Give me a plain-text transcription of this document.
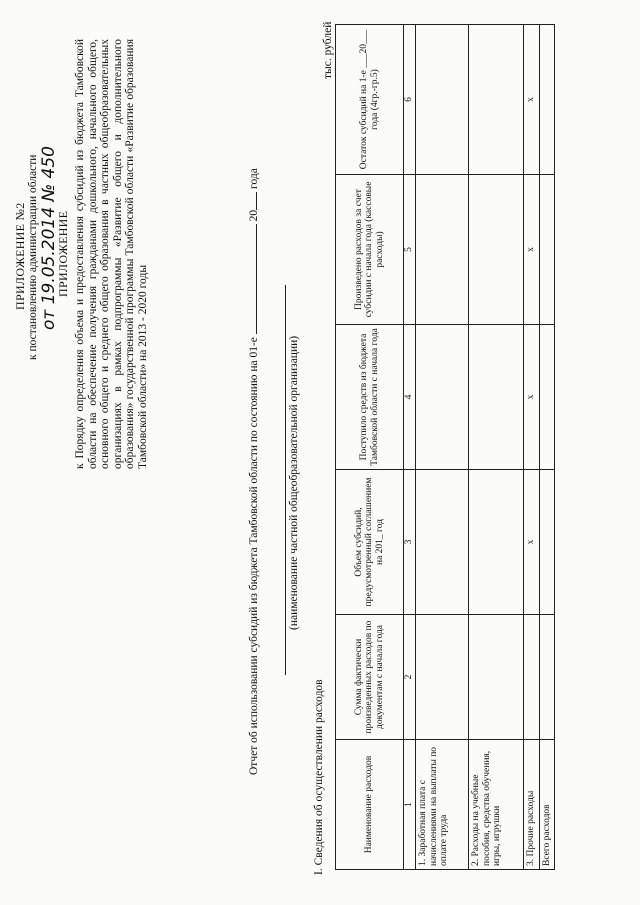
ПРИЛОЖЕНИЕ №2 к постановлению администрации области от 19.05.2014 № 450
ПРИЛОЖЕНИЕ к Порядку определения объема и предоставления субсидий из бюджета Тамбовской области на обеспечение получения гражданами дошкольного, начального общего, основного общего и среднего общего образования в частных общеобразовательных организациях в рамках подпрограммы «Развитие общего и дополнительного образования» государственной программы Тамбовской области «Развитие образования Тамбовской области» на 2013 - 2020 годы	Отчет об использовании субсидий из бюджета Тамбовской области по состоянию на 01-е  20 года
(наименование частной общеобразовательной организации)
I. Сведения об осуществлении расходов
тыс. рублей
Наименование расходов	Сумма фактически произведенных расходов по документам с начала года	Объем субсидий, предусмотренный соглашением на 201_ год	Поступило средств из бюджета Тамбовской области с начала года	Произведено расходов за счет субсидии с начала года (кассовые расходы)	Остаток субсидий на 1-е ___20___ года (4гр.-гр.5)
1	2	3	4	5	6
1. Заработная плата с начислениями на выплаты по оплате труда					
2. Расходы на учебные пособия, средства обучения, игры, игрушки					
3. Прочие расходы		х	х	х	х
Всего расходов					
